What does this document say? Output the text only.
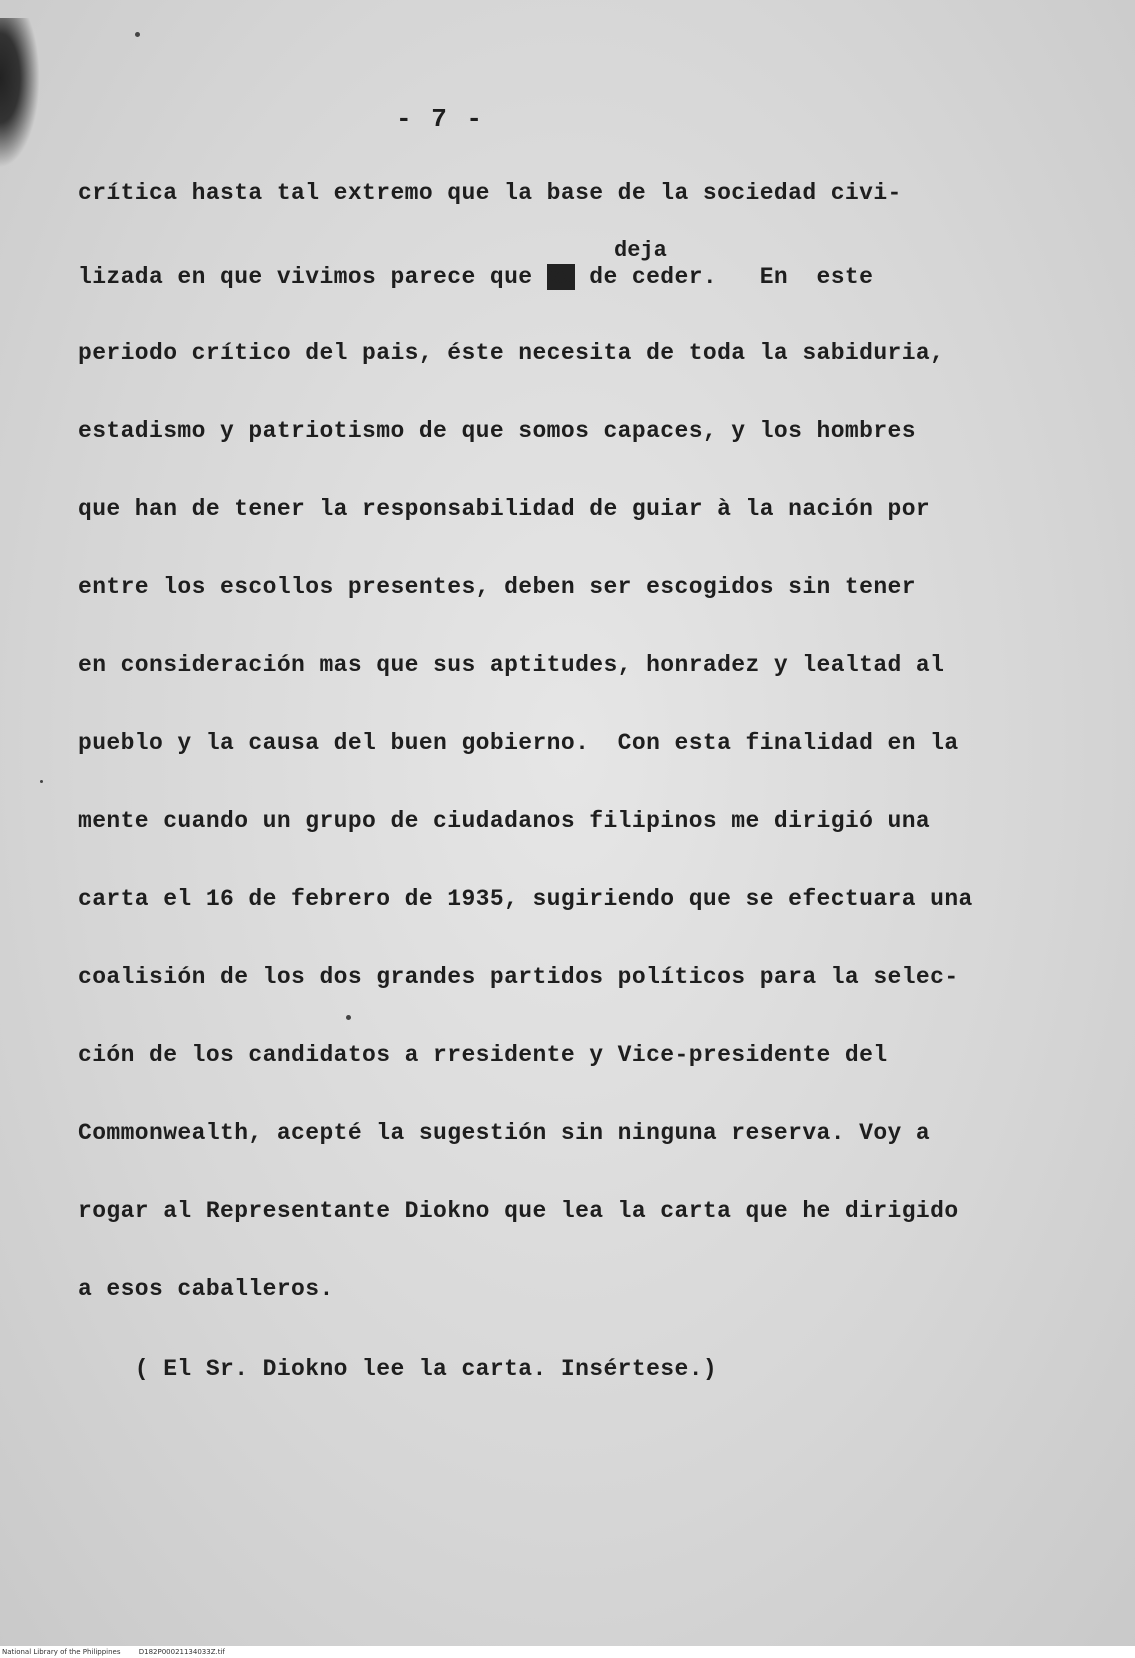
- 7 -
deja
crítica hasta tal extremo que la base de la sociedad civi-
lizada en que vivimos parece que xx de ceder.   En  este
periodo crítico del pais, éste necesita de toda la sabiduria,
estadismo y patriotismo de que somos capaces, y los hombres
que han de tener la responsabilidad de guiar à la nación por
entre los escollos presentes, deben ser escogidos sin tener
en consideración mas que sus aptitudes, honradez y lealtad al
pueblo y la causa del buen gobierno.  Con esta finalidad en la
mente cuando un grupo de ciudadanos filipinos me dirigió una
carta el 16 de febrero de 1935, sugiriendo que se efectuara una
coalisión de los dos grandes partidos políticos para la selec-
ción de los candidatos a rresidente y Vice-presidente del
Commonwealth, acepté la sugestión sin ninguna reserva. Voy a
rogar al Representante Diokno que lea la carta que he dirigido
a esos caballeros.
( El Sr. Diokno lee la carta. Insértese.)
National Library of the Philippines	D182P00021134033Z.tif
